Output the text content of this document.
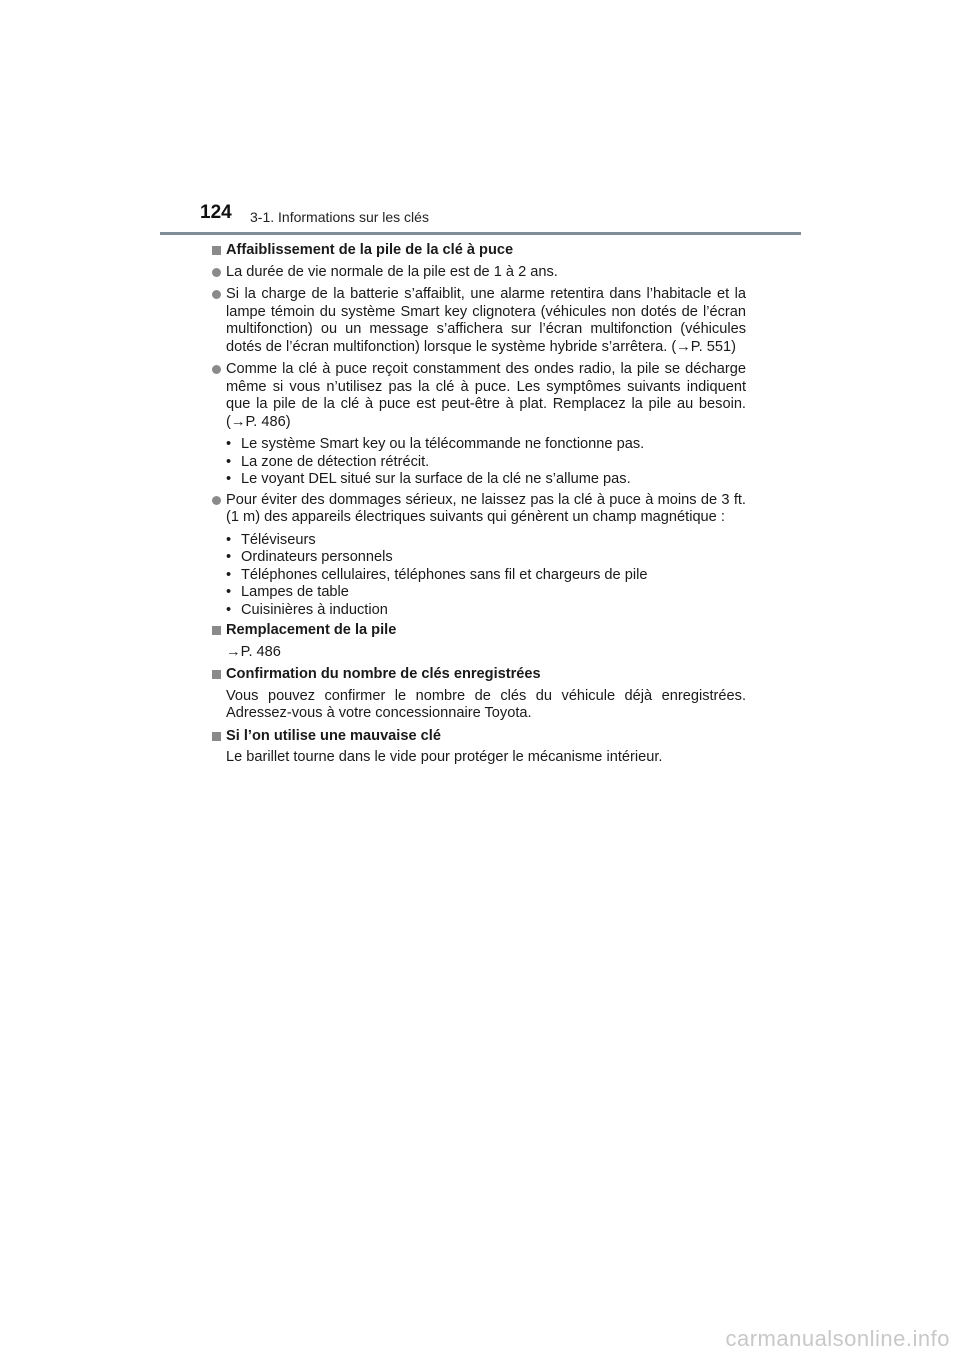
124 3-1. Informations sur les clés
Affaiblissement de la pile de la clé à puce
La durée de vie normale de la pile est de 1 à 2 ans.
Si la charge de la batterie s’affaiblit, une alarme retentira dans l’habitacle et la lampe témoin du système Smart key clignotera (véhicules non dotés de l’écran multifonction) ou un message s’affichera sur l’écran multifonction (véhicules dotés de l’écran multifonction) lorsque le système hybride s’arrêtera. (→P. 551)
Comme la clé à puce reçoit constamment des ondes radio, la pile se décharge même si vous n’utilisez pas la clé à puce. Les symptômes suivants indiquent que la pile de la clé à puce est peut-être à plat. Remplacez la pile au besoin. (→P. 486)
• Le système Smart key ou la télécommande ne fonctionne pas.
• La zone de détection rétrécit.
• Le voyant DEL situé sur la surface de la clé ne s’allume pas.
Pour éviter des dommages sérieux, ne laissez pas la clé à puce à moins de 3 ft. (1 m) des appareils électriques suivants qui génèrent un champ magnétique :
• Téléviseurs
• Ordinateurs personnels
• Téléphones cellulaires, téléphones sans fil et chargeurs de pile
• Lampes de table
• Cuisinières à induction
Remplacement de la pile
→P. 486
Confirmation du nombre de clés enregistrées
Vous pouvez confirmer le nombre de clés du véhicule déjà enregistrées. Adressez-vous à votre concessionnaire Toyota.
Si l’on utilise une mauvaise clé
Le barillet tourne dans le vide pour protéger le mécanisme intérieur.
carmanualsonline.info
